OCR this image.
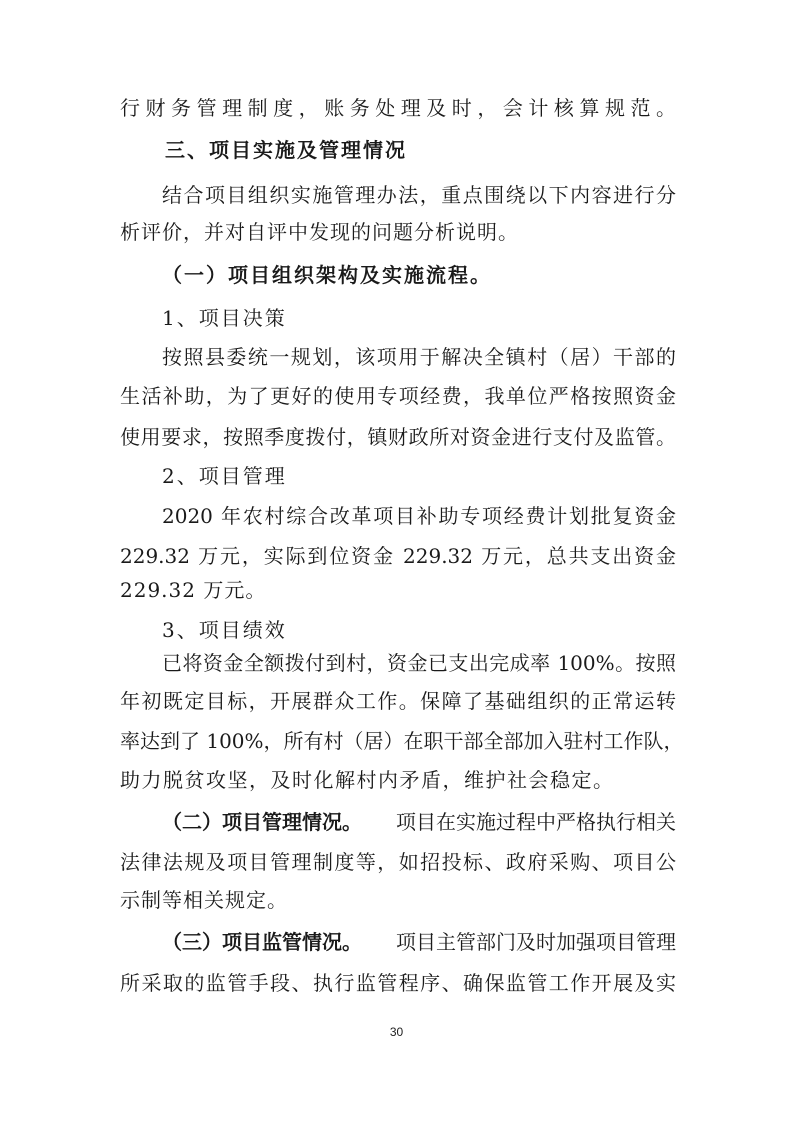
行财务管理制度，账务处理及时，会计核算规范。
三、项目实施及管理情况
结合项目组织实施管理办法，重点围绕以下内容进行分
析评价，并对自评中发现的问题分析说明。
（一）项目组织架构及实施流程。
1、项目决策
按照县委统一规划，该项用于解决全镇村（居）干部的
生活补助，为了更好的使用专项经费，我单位严格按照资金
使用要求，按照季度拨付，镇财政所对资金进行支付及监管。
2、项目管理
2020 年农村综合改革项目补助专项经费计划批复资金
229.32 万元，实际到位资金 229.32 万元，总共支出资金
229.32 万元。
3、项目绩效
已将资金全额拨付到村，资金已支出完成率 100%。按照
年初既定目标，开展群众工作。保障了基础组织的正常运转
率达到了 100%，所有村（居）在职干部全部加入驻村工作队，
助力脱贫攻坚，及时化解村内矛盾，维护社会稳定。
（二）项目管理情况。 项目在实施过程中严格执行相关
法律法规及项目管理制度等，如招投标、政府采购、项目公
示制等相关规定。
（三）项目监管情况。 项目主管部门及时加强项目管理
所采取的监管手段、执行监管程序、确保监管工作开展及实
30
